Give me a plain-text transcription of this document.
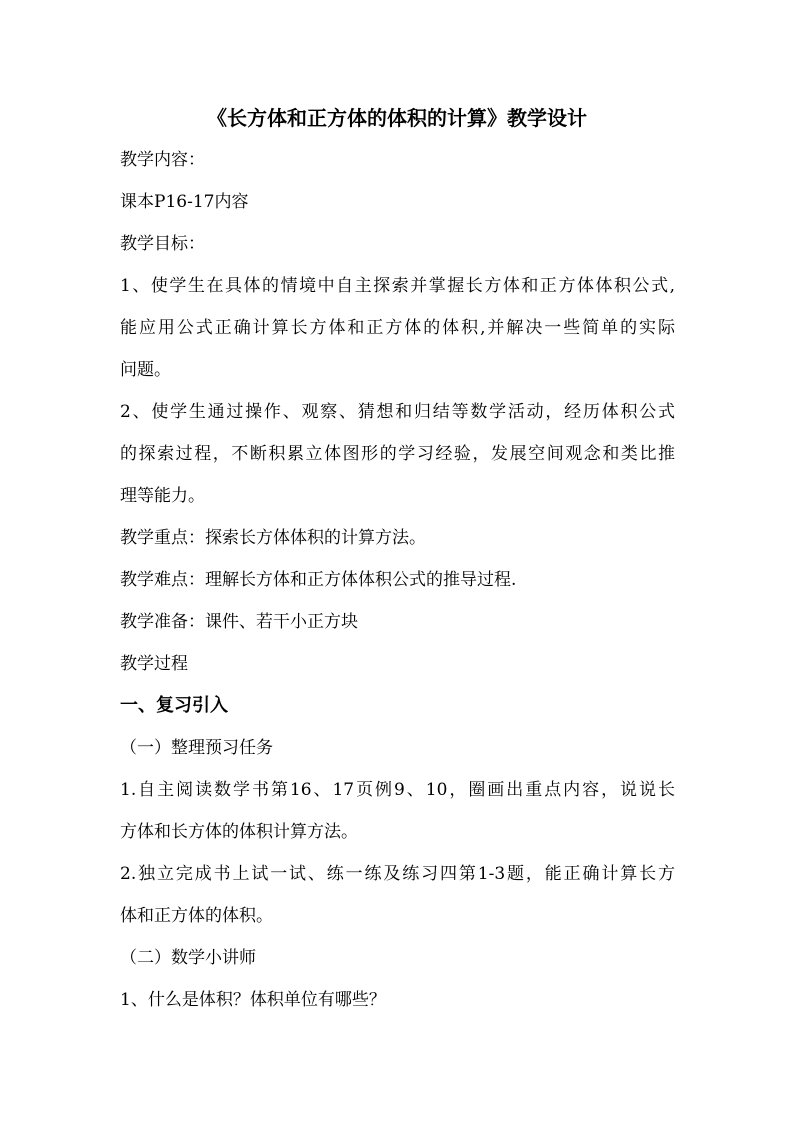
《长方体和正方体的体积的计算》教学设计
教学内容：
课本P16-17内容
教学目标：
1、使学生在具体的情境中自主探索并掌握长方体和正方体体积公式,
能应用公式正确计算长方体和正方体的体积,并解决一些简单的实际
问题。
2、使学生通过操作、观察、猜想和归结等数学活动，经历体积公式
的探索过程，不断积累立体图形的学习经验，发展空间观念和类比推
理等能力。
教学重点：探索长方体体积的计算方法。
教学难点：理解长方体和正方体体积公式的推导过程.
教学准备：课件、若干小正方块
教学过程
一、复习引入
（一）整理预习任务
1.自主阅读数学书第16、17页例9、10，圈画出重点内容，说说长
方体和长方体的体积计算方法。
2.独立完成书上试一试、练一练及练习四第1-3题，能正确计算长方
体和正方体的体积。
（二）数学小讲师
1、什么是体积？体积单位有哪些？
